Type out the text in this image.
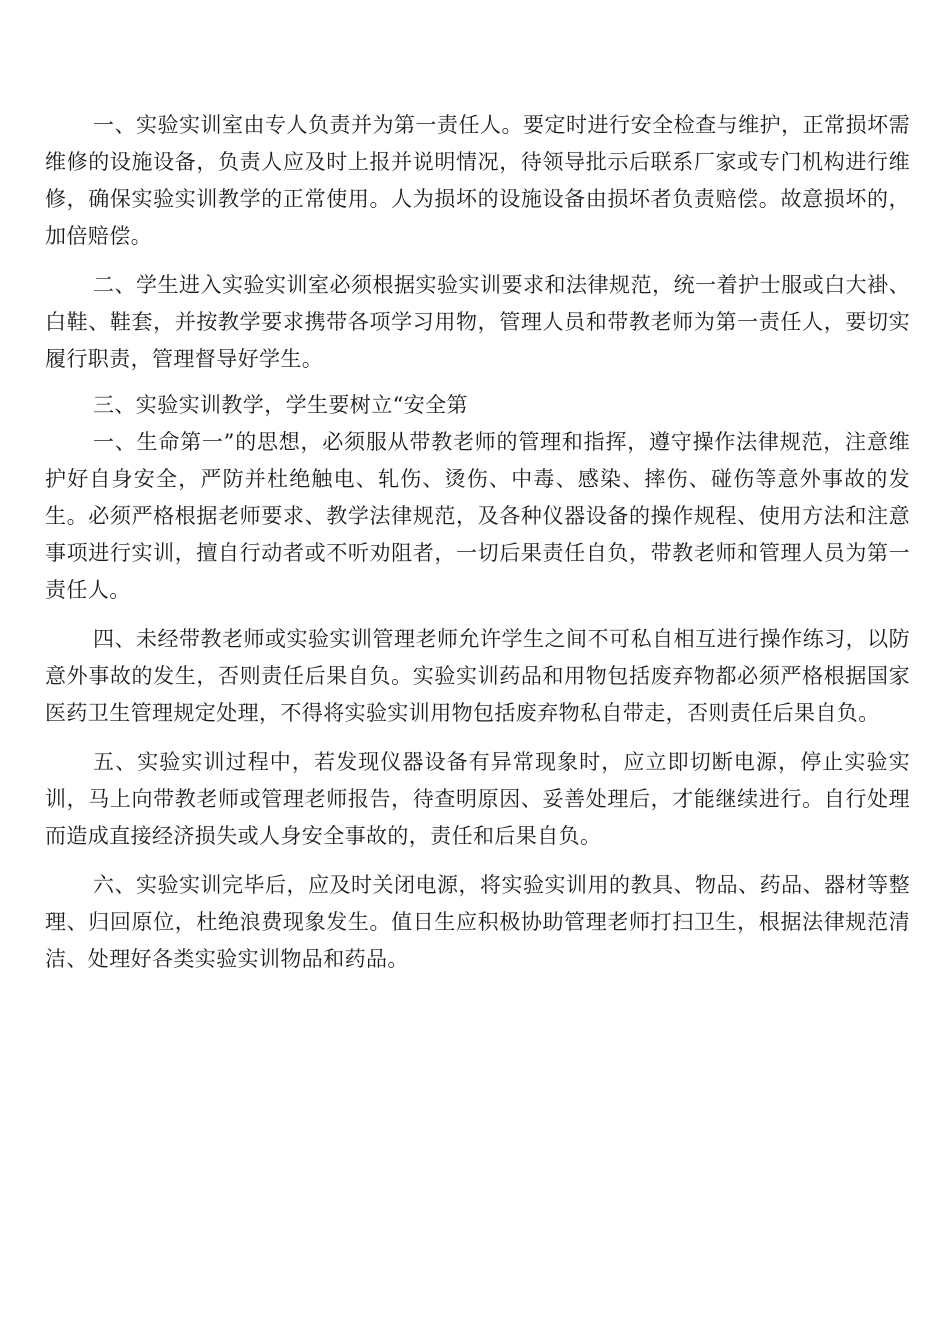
一、实验实训室由专人负责并为第一责任人。要定时进行安全检查与维护，正常损坏需维修的设施设备，负责人应及时上报并说明情况，待领导批示后联系厂家或专门机构进行维修，确保实验实训教学的正常使用。人为损坏的设施设备由损坏者负责赔偿。故意损坏的，加倍赔偿。

二、学生进入实验实训室必须根据实验实训要求和法律规范，统一着护士服或白大褂、白鞋、鞋套，并按教学要求携带各项学习用物，管理人员和带教老师为第一责任人，要切实履行职责，管理督导好学生。

三、实验实训教学，学生要树立“安全第

一、生命第一”的思想，必须服从带教老师的管理和指挥，遵守操作法律规范，注意维护好自身安全，严防并杜绝触电、轧伤、烫伤、中毒、感染、摔伤、碰伤等意外事故的发生。必须严格根据老师要求、教学法律规范，及各种仪器设备的操作规程、使用方法和注意事项进行实训，擅自行动者或不听劝阻者，一切后果责任自负，带教老师和管理人员为第一责任人。

四、未经带教老师或实验实训管理老师允许学生之间不可私自相互进行操作练习，以防意外事故的发生，否则责任后果自负。实验实训药品和用物包括废弃物都必须严格根据国家医药卫生管理规定处理，不得将实验实训用物包括废弃物私自带走，否则责任后果自负。

五、实验实训过程中，若发现仪器设备有异常现象时，应立即切断电源，停止实验实训，马上向带教老师或管理老师报告，待查明原因、妥善处理后，才能继续进行。自行处理而造成直接经济损失或人身安全事故的，责任和后果自负。

六、实验实训完毕后，应及时关闭电源，将实验实训用的教具、物品、药品、器材等整理、归回原位，杜绝浪费现象发生。值日生应积极协助管理老师打扫卫生，根据法律规范清洁、处理好各类实验实训物品和药品。
